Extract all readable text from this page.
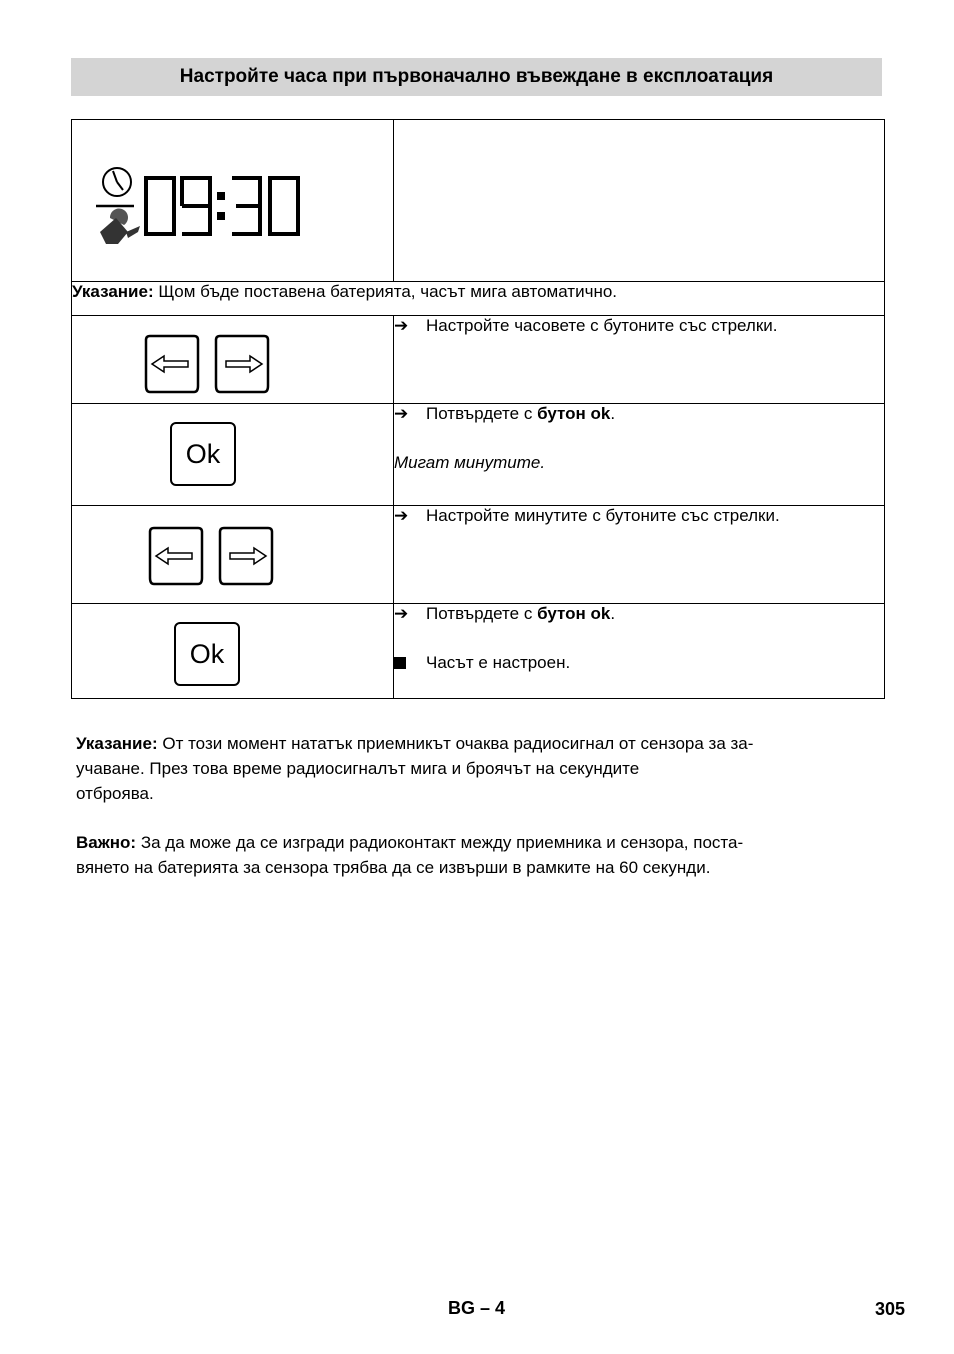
Настройте часа при първоначално въвеждане в експлоатация
09:30	

Указание: Щом бъде поставена батерията, часът мига автоматично.	

➔ Настройте часовете с бутоните със стрелки.

Ok	➔ Потвърдете с бутон ok.
Мигат минутите.

➔ Настройте минутите с бутоните със стрелки.

Ok	➔ Потвърдете с бутон ok.
Часът е настроен.
Указание: От този момент нататък приемникът очаква радиосигнал от сензора за за-
учаване. През това време радиосигналът мига и броячът на секундите
отброява.
Важно: За да може да се изгради радиоконтакт между приемника и сензора, поста-
вянето на батерията за сензора трябва да се извърши в рамките на 60 секунди.
BG – 4	305
